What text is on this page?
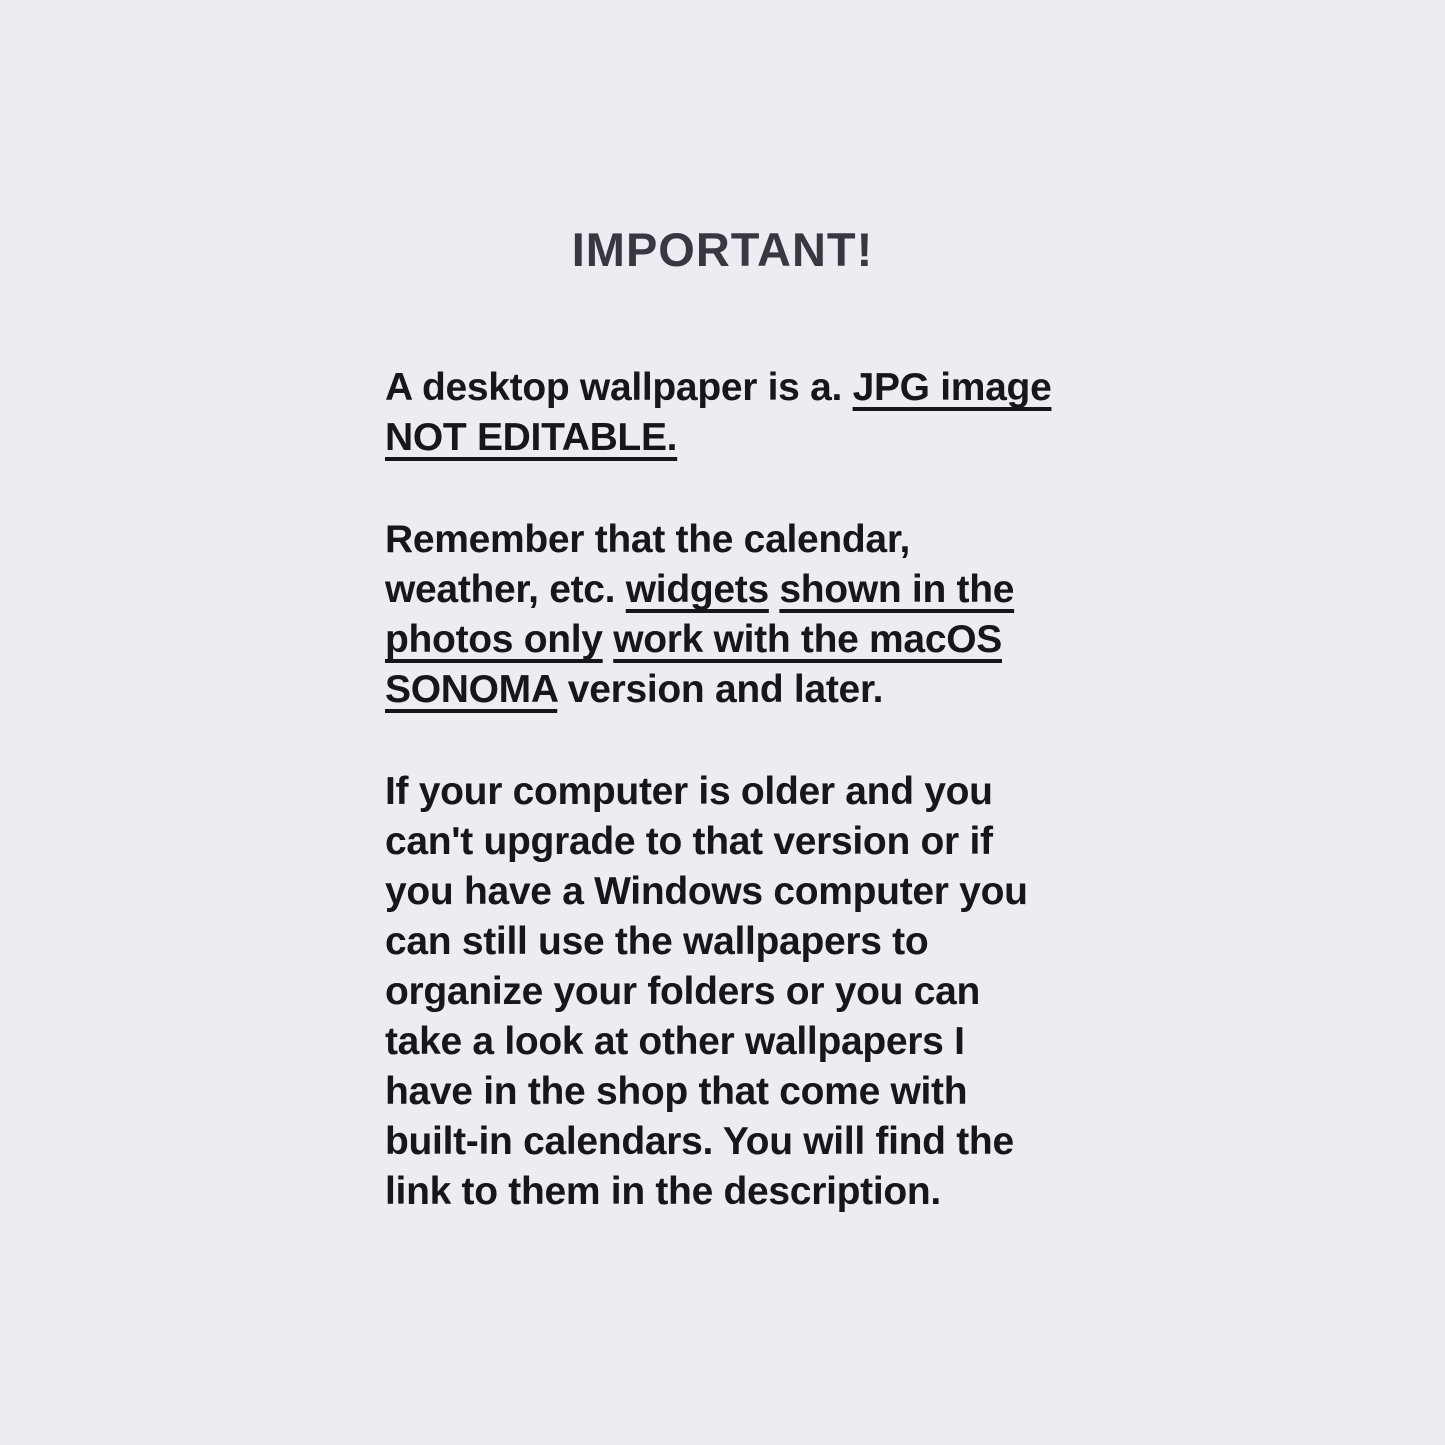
IMPORTANT!
A desktop wallpaper is a. JPG image
NOT EDITABLE.
Remember that the calendar,
weather, etc. widgets shown in the
photos only work with the macOS
SONOMA version and later.
If your computer is older and you
can't upgrade to that version or if
you have a Windows computer you
can still use the wallpapers to
organize your folders or you can
take a look at other wallpapers I
have in the shop that come with
built-in calendars. You will find the
link to them in the description.
